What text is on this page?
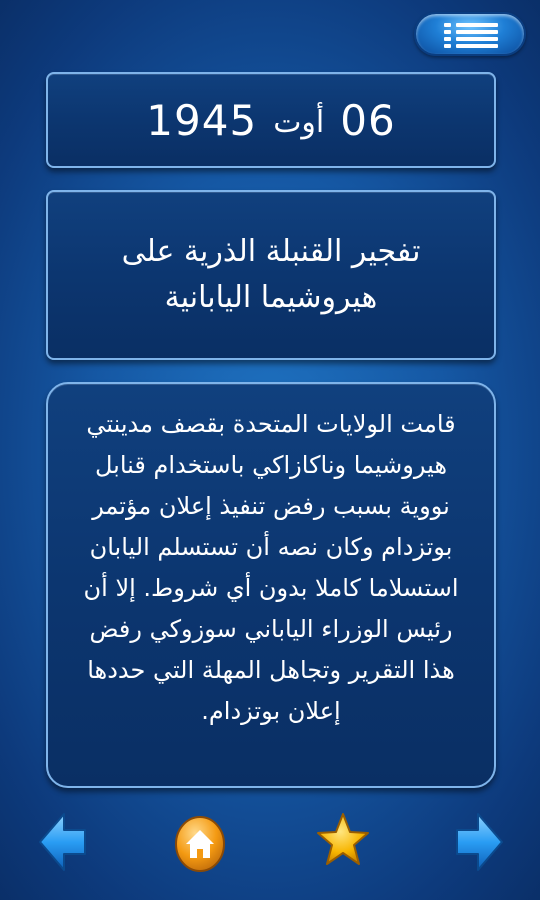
06
أوت
1945
تفجير القنبلة الذرية على هيروشيما اليابانية
قامت الولايات المتحدة بقصف مدينتي هيروشيما وناكازاكي باستخدام قنابل نووية بسبب رفض تنفيذ إعلان مؤتمر بوتزدام وكان نصه أن تستسلم اليابان استسلاما كاملا بدون أي شروط. إلا أن رئيس الوزراء الياباني سوزوكي رفض هذا التقرير وتجاهل المهلة التي حددها إعلان بوتزدام.
